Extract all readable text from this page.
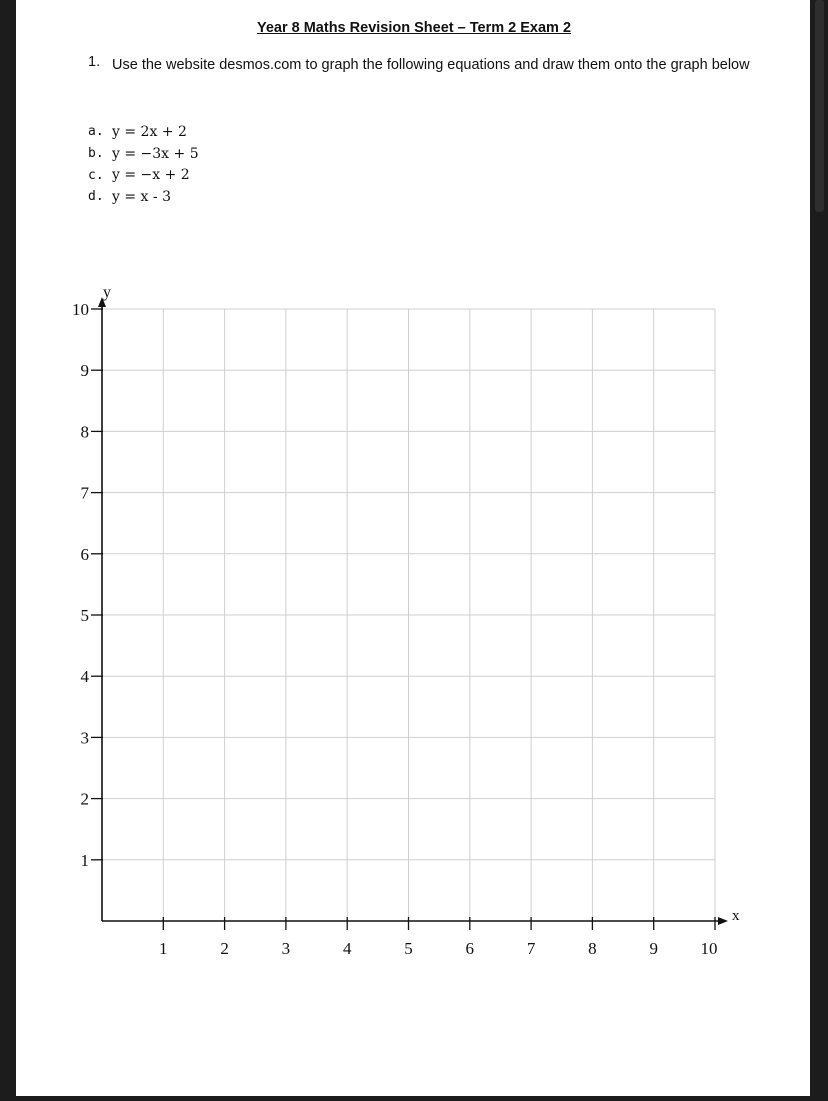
Year 8 Maths Revision Sheet – Term 2 Exam 2
1. Use the website desmos.com to graph the following equations and draw them onto the graph below
a. y = 2x + 2
b. y = −3x + 5
c. y = −x + 2
d. y = x - 3
1	2	3	4	5	6	7	8	9	10
1
2
3
4
5
6
7
8
9
10
x
y
